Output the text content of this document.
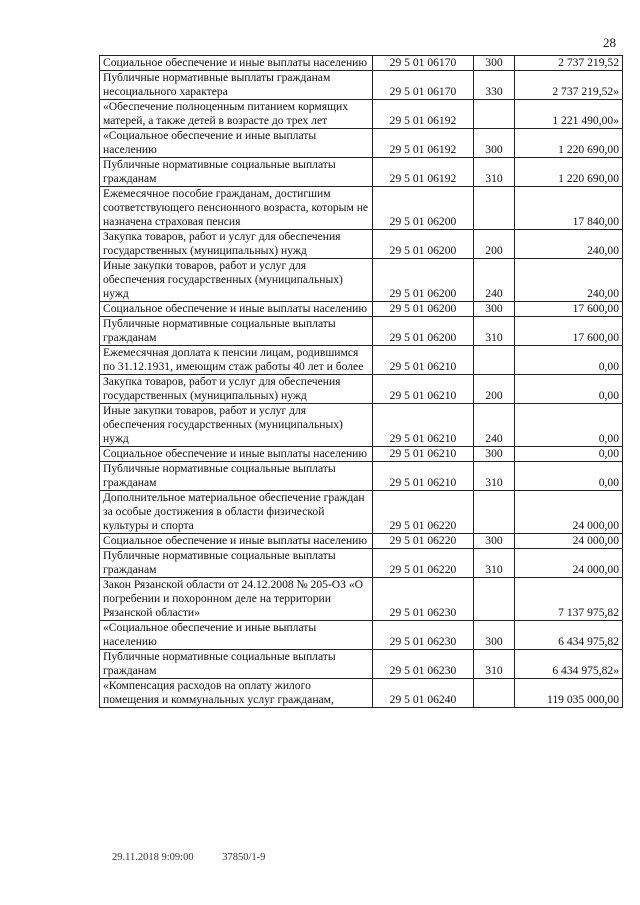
28
Социальное обеспечение и иные выплаты населению	29 5 01 06170	300	2 737 219,52
Публичные нормативные выплаты гражданам несоциального характера	29 5 01 06170	330	2 737 219,52»
«Обеспечение полноценным питанием кормящих матерей, а также детей в возрасте до трех лет	29 5 01 06192		1 221 490,00»
«Социальное обеспечение и иные выплаты населению	29 5 01 06192	300	1 220 690,00
Публичные нормативные социальные выплаты гражданам	29 5 01 06192	310	1 220 690,00
Ежемесячное пособие гражданам, достигшим соответствующего пенсионного возраста, которым не назначена страховая пенсия	29 5 01 06200		17 840,00
Закупка товаров, работ и услуг для обеспечения государственных (муниципальных) нужд	29 5 01 06200	200	240,00
Иные закупки товаров, работ и услуг для обеспечения государственных (муниципальных) нужд	29 5 01 06200	240	240,00
Социальное обеспечение и иные выплаты населению	29 5 01 06200	300	17 600,00
Публичные нормативные социальные выплаты гражданам	29 5 01 06200	310	17 600,00
Ежемесячная доплата к пенсии лицам, родившимся по 31.12.1931, имеющим стаж работы 40 лет и более	29 5 01 06210		0,00
Закупка товаров, работ и услуг для обеспечения государственных (муниципальных) нужд	29 5 01 06210	200	0,00
Иные закупки товаров, работ и услуг для обеспечения государственных (муниципальных) нужд	29 5 01 06210	240	0,00
Социальное обеспечение и иные выплаты населению	29 5 01 06210	300	0,00
Публичные нормативные социальные выплаты гражданам	29 5 01 06210	310	0,00
Дополнительное материальное обеспечение граждан за особые достижения в области физической культуры и спорта	29 5 01 06220		24 000,00
Социальное обеспечение и иные выплаты населению	29 5 01 06220	300	24 000,00
Публичные нормативные социальные выплаты гражданам	29 5 01 06220	310	24 000,00
Закон Рязанской области от 24.12.2008 № 205-ОЗ «О погребении и похоронном деле на территории Рязанской области»	29 5 01 06230		7 137 975,82
«Социальное обеспечение и иные выплаты населению	29 5 01 06230	300	6 434 975,82
Публичные нормативные социальные выплаты гражданам	29 5 01 06230	310	6 434 975,82»
«Компенсация расходов на оплату жилого помещения и коммунальных услуг гражданам,	29 5 01 06240		119 035 000,00
29.11.2018 9:09:00	37850/1-9
